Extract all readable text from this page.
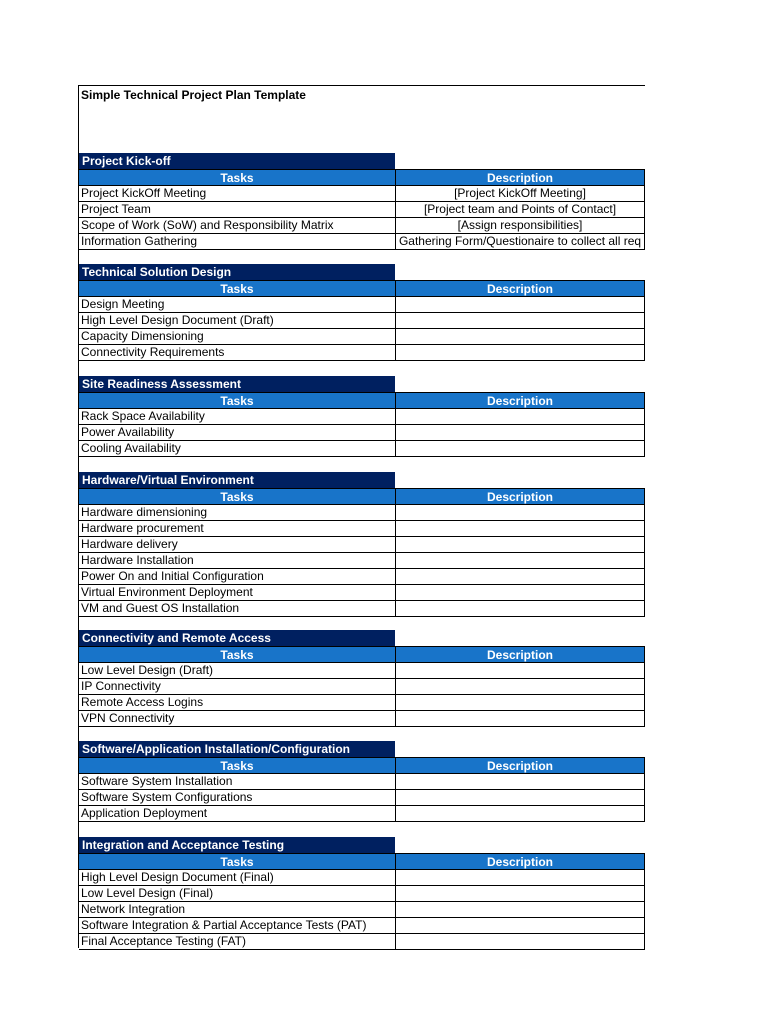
Simple Technical Project Plan Template
Project Kick-off
Tasks	Description
Project KickOff Meeting	[Project KickOff Meeting]
Project Team	[Project team and Points of Contact]
Scope of Work (SoW) and Responsibility Matrix	[Assign responsibilities]
Information Gathering	Gathering Form/Questionaire to collect all req
Technical Solution Design
Tasks	Description
Design Meeting
High Level Design Document (Draft)
Capacity Dimensioning
Connectivity Requirements
Site Readiness Assessment
Tasks	Description
Rack Space Availability
Power Availability
Cooling Availability
Hardware/Virtual Environment
Tasks	Description
Hardware dimensioning
Hardware procurement
Hardware delivery
Hardware Installation
Power On and Initial Configuration
Virtual Environment Deployment
VM and Guest OS Installation
Connectivity and Remote Access
Tasks	Description
Low Level Design (Draft)
IP Connectivity
Remote Access Logins
VPN Connectivity
Software/Application Installation/Configuration
Tasks	Description
Software System Installation
Software System Configurations
Application Deployment
Integration and Acceptance Testing
Tasks	Description
High Level Design Document (Final)
Low Level Design (Final)
Network Integration
Software Integration & Partial Acceptance Tests (PAT)
Final Acceptance Testing (FAT)
